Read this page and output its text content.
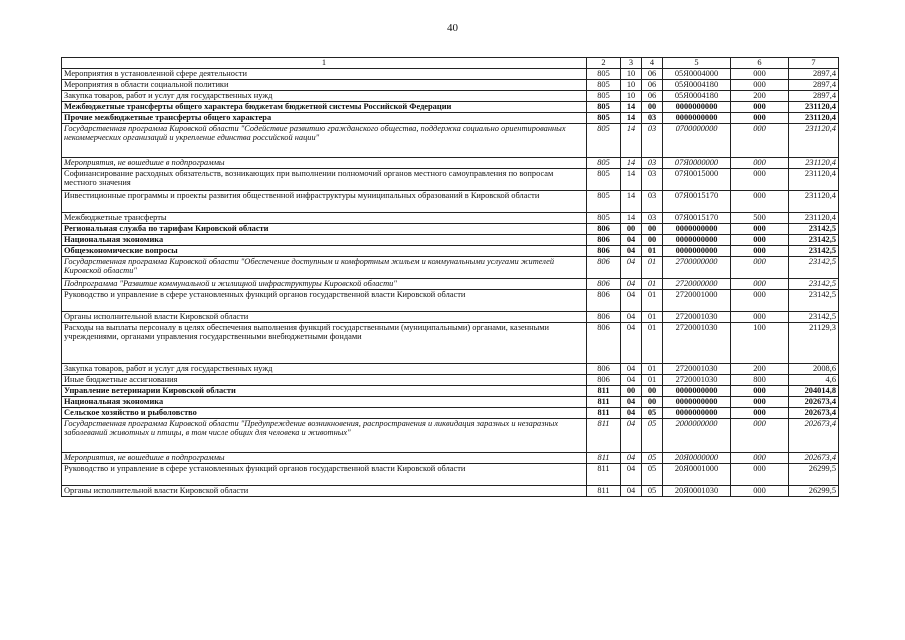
40
1	2	3	4	5	6	7
Мероприятия в установленной сфере деятельности	805	10	06	05Я0004000	000	2897,4
Мероприятия в области социальной политики	805	10	06	05Я0004180	000	2897,4
Закупка товаров, работ и услуг для государственных нужд	805	10	06	05Я0004180	200	2897,4
Межбюджетные трансферты общего характера бюджетам бюджетной системы Российской Федерации	805	14	00	0000000000	000	231120,4
Прочие межбюджетные трансферты общего характера	805	14	03	0000000000	000	231120,4
Государственная программа Кировской области "Содействие развитию гражданского общества, поддержка социально ориентированных некоммерческих организаций и укрепление единства российской нации"	805	14	03	0700000000	000	231120,4
Мероприятия, не вошедшие в подпрограммы	805	14	03	07Я0000000	000	231120,4
Софинансирование расходных обязательств, возникающих при выполнении полномочий органов местного самоуправления по вопросам местного значения	805	14	03	07Я0015000	000	231120,4
Инвестиционные программы и проекты развития общественной инфраструктуры муниципальных образований в Кировской области	805	14	03	07Я0015170	000	231120,4
Межбюджетные трансферты	805	14	03	07Я0015170	500	231120,4
Региональная служба по тарифам Кировской области	806	00	00	0000000000	000	23142,5
Национальная экономика	806	04	00	0000000000	000	23142,5
Общеэкономические вопросы	806	04	01	0000000000	000	23142,5
Государственная программа Кировской области "Обеспечение доступным и комфортным жильем и коммунальными услугами жителей Кировской области"	806	04	01	2700000000	000	23142,5
Подпрограмма "Развитие коммунальной и жилищной инфраструктуры Кировской области"	806	04	01	2720000000	000	23142,5
Руководство и управление в сфере установленных функций органов государственной власти Кировской области	806	04	01	2720001000	000	23142,5
Органы исполнительной власти Кировской области	806	04	01	2720001030	000	23142,5
Расходы на выплаты персоналу в целях обеспечения выполнения функций государственными (муниципальными) органами, казенными учреждениями, органами управления государственными внебюджетными фондами	806	04	01	2720001030	100	21129,3
Закупка товаров, работ и услуг для государственных нужд	806	04	01	2720001030	200	2008,6
Иные бюджетные ассигнования	806	04	01	2720001030	800	4,6
Управление ветеринарии Кировской области	811	00	00	0000000000	000	204014,8
Национальная экономика	811	04	00	0000000000	000	202673,4
Сельское хозяйство и рыболовство	811	04	05	0000000000	000	202673,4
Государственная программа Кировской области "Предупреждение возникновения, распространения и ликвидация заразных и незаразных заболеваний животных и птицы, в том числе общих для человека и животных"	811	04	05	2000000000	000	202673,4
Мероприятия, не вошедшие в подпрограммы	811	04	05	20Я0000000	000	202673,4
Руководство и управление в сфере установленных функций органов государственной власти Кировской области	811	04	05	20Я0001000	000	26299,5
Органы исполнительной власти Кировской области	811	04	05	20Я0001030	000	26299,5
